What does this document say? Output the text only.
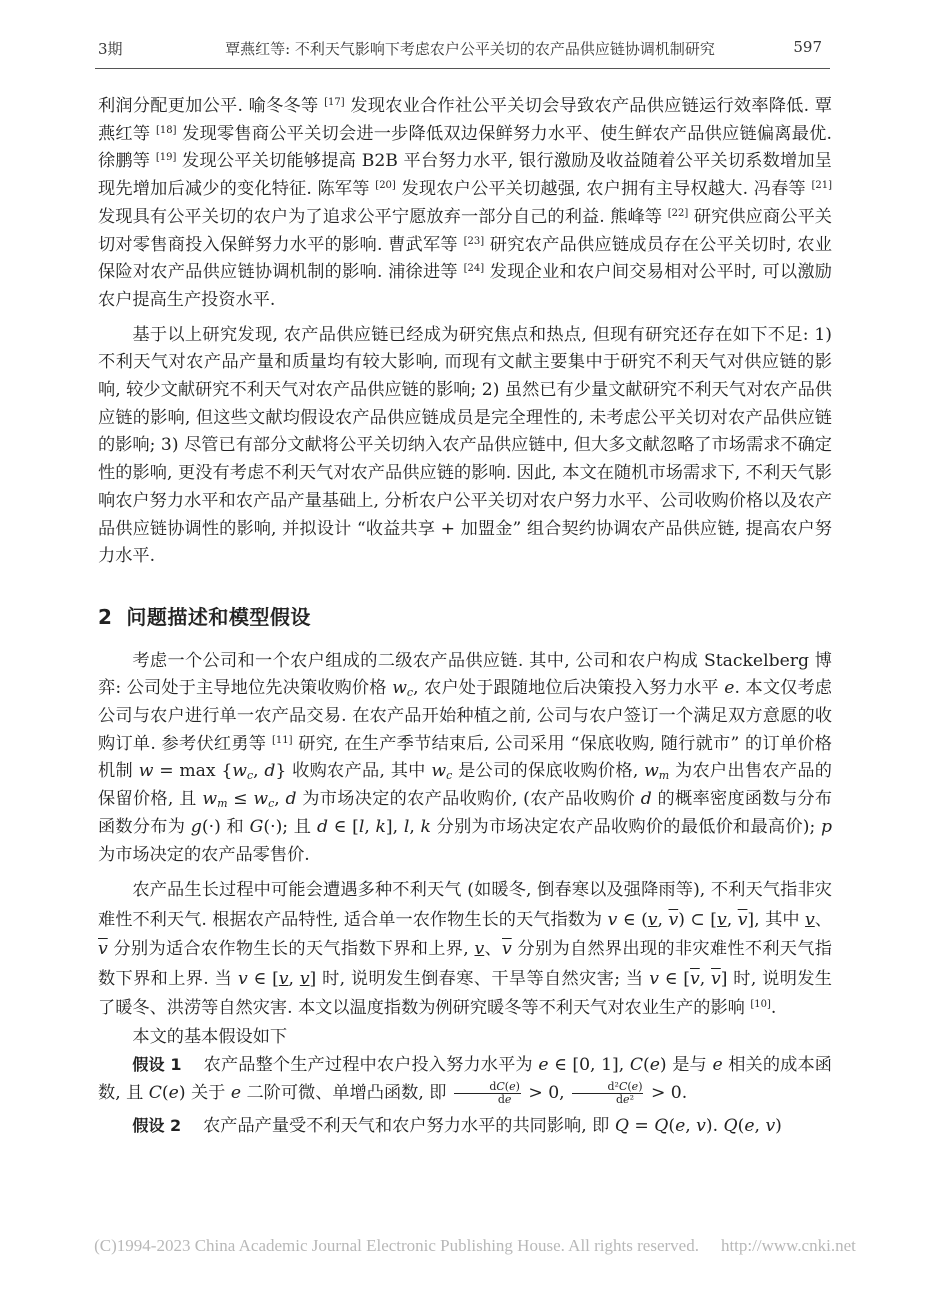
3期	覃燕红等: 不利天气影响下考虑农户公平关切的农产品供应链协调机制研究	597

利润分配更加公平. 喻冬冬等 [17] 发现农业合作社公平关切会导致农产品供应链运行效率降低. 覃燕红等 [18] 发现零售商公平关切会进一步降低双边保鲜努力水平、使生鲜农产品供应链偏离最优. 徐鹏等 [19] 发现公平关切能够提高 B2B 平台努力水平, 银行激励及收益随着公平关切系数增加呈现先增加后减少的变化特征. 陈军等 [20] 发现农户公平关切越强, 农户拥有主导权越大. 冯春等 [21] 发现具有公平关切的农户为了追求公平宁愿放弃一部分自己的利益. 熊峰等 [22] 研究供应商公平关切对零售商投入保鲜努力水平的影响. 曹武军等 [23] 研究农产品供应链成员存在公平关切时, 农业保险对农产品供应链协调机制的影响. 浦徐进等 [24] 发现企业和农户间交易相对公平时, 可以激励农户提高生产投资水平.

基于以上研究发现, 农产品供应链已经成为研究焦点和热点, 但现有研究还存在如下不足: 1) 不利天气对农产品产量和质量均有较大影响, 而现有文献主要集中于研究不利天气对供应链的影响, 较少文献研究不利天气对农产品供应链的影响; 2) 虽然已有少量文献研究不利天气对农产品供应链的影响, 但这些文献均假设农产品供应链成员是完全理性的, 未考虑公平关切对农产品供应链的影响; 3) 尽管已有部分文献将公平关切纳入农产品供应链中, 但大多文献忽略了市场需求不确定性的影响, 更没有考虑不利天气对农产品供应链的影响. 因此, 本文在随机市场需求下, 不利天气影响农户努力水平和农产品产量基础上, 分析农户公平关切对农户努力水平、公司收购价格以及农产品供应链协调性的影响, 并拟设计 “收益共享 + 加盟金” 组合契约协调农产品供应链, 提高农户努力水平.

2 问题描述和模型假设

考虑一个公司和一个农户组成的二级农产品供应链. 其中, 公司和农户构成 Stackelberg 博弈: 公司处于主导地位先决策收购价格 $w_c$, 农户处于跟随地位后决策投入努力水平 e. 本文仅考虑公司与农户进行单一农产品交易. 在农产品开始种植之前, 公司与农户签订一个满足双方意愿的收购订单. 参考伏红勇等 [11] 研究, 在生产季节结束后, 公司采用 “保底收购, 随行就市” 的订单价格机制 $w = \max \{w_c$, d} 收购农产品, 其中 $w_c$ 是公司的保底收购价格, $w_m$ 为农户出售农产品的保留价格, 且 $w_m \le w_c$, d 为市场决定的农产品收购价, (农产品收购价 d 的概率密度函数与分布函数分布为 g(·) 和 G(·); 且 d ∈ [l, k], l, k 分别为市场决定农产品收购价的最低价和最高价); p 为市场决定的农产品零售价.

农产品生长过程中可能会遭遇多种不利天气 (如暖冬, 倒春寒以及强降雨等), 不利天气指非灾难性不利天气. 根据农产品特性, 适合单一农作物生长的天气指数为 v ∈ (v, $\overline{v}$) ⊂ [v, $\overline{v}$], 其中 v、$\overline{v}$ 分别为适合农作物生长的天气指数下界和上界, v、$\overline{v}$ 分别为自然界出现的非灾难性不利天气指数下界和上界. 当 v ∈ [v, v] 时, 说明发生倒春寒、干旱等自然灾害; 当 v ∈ [$\overline{v}$, $\overline{v}$] 时, 说明发生了暖冬、洪涝等自然灾害. 本文以温度指数为例研究暖冬等不利天气对农业生产的影响 [10].

本文的基本假设如下

假设 1 农产品整个生产过程中农户投入努力水平为 e ∈ [0, 1], C(e) 是与 e 相关的成本函数, 且 C(e) 关于 e 二阶可微、单增凸函数, 即 $\frac{dC(e)}{de} > 0$, $\frac{\text{d²C(e)}}{\text{de²}} > 0$.

假设 2 农产品产量受不利天气和农户努力水平的共同影响, 即 Q = Q(e, v). Q(e, v)

(C)1994-2023 China Academic Journal Electronic Publishing House. All rights reserved. http://www.cnki.net
